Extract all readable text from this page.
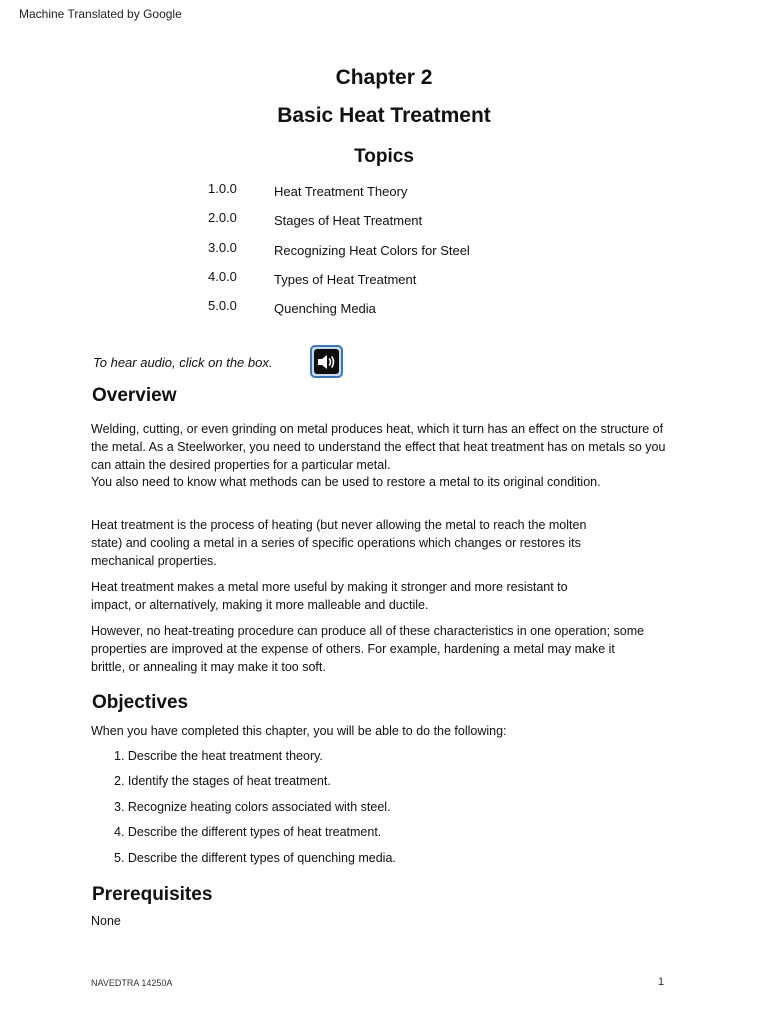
Machine Translated by Google
Chapter 2
Basic Heat Treatment
Topics
1.0.0	Heat Treatment Theory
2.0.0	Stages of Heat Treatment
3.0.0	Recognizing Heat Colors for Steel
4.0.0	Types of Heat Treatment
5.0.0	Quenching Media
To hear audio, click on the box.
Overview
Welding, cutting, or even grinding on metal produces heat, which it turn has an effect on the structure of the metal. As a Steelworker, you need to understand the effect that heat treatment has on metals so you can attain the desired properties for a particular metal.
You also need to know what methods can be used to restore a metal to its original condition.
Heat treatment is the process of heating (but never allowing the metal to reach the molten state) and cooling a metal in a series of specific operations which changes or restores its mechanical properties.
Heat treatment makes a metal more useful by making it stronger and more resistant to impact, or alternatively, making it more malleable and ductile.
However, no heat-treating procedure can produce all of these characteristics in one operation; some properties are improved at the expense of others. For example, hardening a metal may make it brittle, or annealing it may make it too soft.
Objectives
When you have completed this chapter, you will be able to do the following:
1. Describe the heat treatment theory.
2. Identify the stages of heat treatment.
3. Recognize heating colors associated with steel.
4. Describe the different types of heat treatment.
5. Describe the different types of quenching media.
Prerequisites
None
NAVEDTRA 14250A	1
